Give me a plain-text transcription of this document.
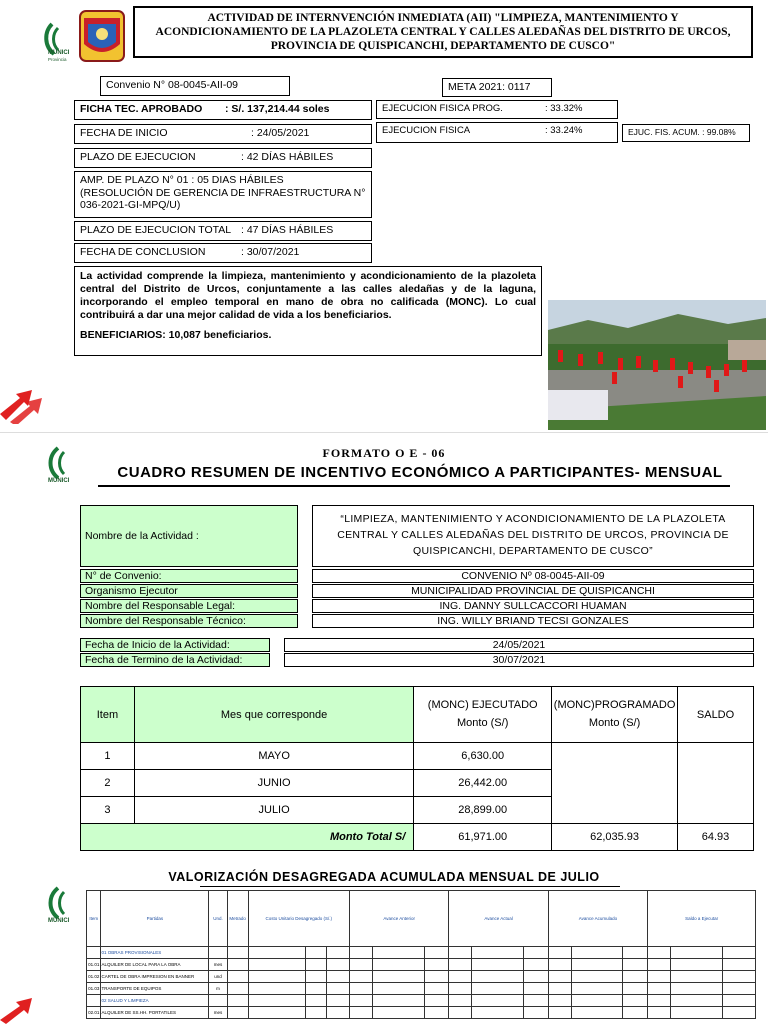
MUNICI
Provincia
ACTIVIDAD DE INTERNVENCIÓN INMEDIATA (AII) "LIMPIEZA, MANTENIMIENTO Y ACONDICIONAMIENTO DE LA PLAZOLETA CENTRAL Y CALLES ALEDAÑAS DEL DISTRITO DE URCOS, PROVINCIA DE QUISPICANCHI, DEPARTAMENTO DE CUSCO"
Convenio N° 08-0045-AII-09	META 2021: 0117
FICHA TEC. APROBADO : S/. 137,214.44 soles	EJECUCION FISICA PROG.	: 33.32%
FECHA DE INICIO	: 24/05/2021	EJECUCION FISICA	: 33.24%	EJUC. FIS. ACUM. : 99.08%
PLAZO DE EJECUCION	: 42 DÍAS HÁBILES
AMP. DE PLAZO N° 01 : 05 DIAS HÁBILES
(RESOLUCIÓN DE GERENCIA DE INFRAESTRUCTURA N° 036-2021-GI-MPQ/U)
PLAZO DE EJECUCION TOTAL : 47 DÍAS HÁBILES
FECHA DE CONCLUSION	: 30/07/2021
La actividad comprende la limpieza, mantenimiento y acondicionamiento de la plazoleta central del Distrito de Urcos, conjuntamente a las calles aledañas y de la laguna, incorporando el empleo temporal en mano de obra no calificada (MONC). Lo cual contribuirá a dar una mejor calidad de vida a los beneficiarios.
BENEFICIARIOS: 10,087 beneficiarios.
MUNICI
FORMATO O E - 06
CUADRO RESUMEN DE INCENTIVO ECONÓMICO A PARTICIPANTES- MENSUAL
Nombre de la Actividad :
“LIMPIEZA, MANTENIMIENTO Y ACONDICIONAMIENTO DE LA PLAZOLETA CENTRAL Y CALLES ALEDAÑAS DEL DISTRITO DE URCOS, PROVINCIA DE QUISPICANCHI, DEPARTAMENTO DE CUSCO”
N° de Convenio:	CONVENIO Nº 08-0045-AII-09
Organismo Ejecutor	MUNICIPALIDAD PROVINCIAL DE QUISPICANCHI
Nombre del Responsable Legal:	ING. DANNY SULLCACCORI HUAMAN
Nombre del Responsable Técnico:	ING. WILLY BRIAND TECSI GONZALES
Fecha de Inicio de la Actividad:	24/05/2021
Fecha de Termino de la Actividad:	30/07/2021
Item	Mes que corresponde	(MONC) EJECUTADO Monto (S/)	(MONC)PROGRAMADO Monto (S/)	SALDO
1	MAYO	6,630.00		
2	JUNIO	26,442.00		
3	JULIO	28,899.00		
Monto Total S/		61,971.00	62,035.93	64.93
MUNICI
VALORIZACIÓN DESAGREGADA ACUMULADA MENSUAL DE JULIO
Item	Partidas	Und.	Metrado	Costo Unitario Desagregado (S/.)			Avance Anterior			Avance Actual			Avance Acumulado			Saldo a Ejecutar		
	01 OBRAS PROVISIONALES																	
01.01	ALQUILER DE LOCAL PARA LA OBRA	mes																
01.02	CARTEL DE OBRA IMPRESION EN BANNER	und																
01.03	TRANSPORTE DE EQUIPOS	m																
	02 SALUD Y LIMPIEZA																	
02.01	ALQUILER DE SS.HH. PORTATILES	mes																
